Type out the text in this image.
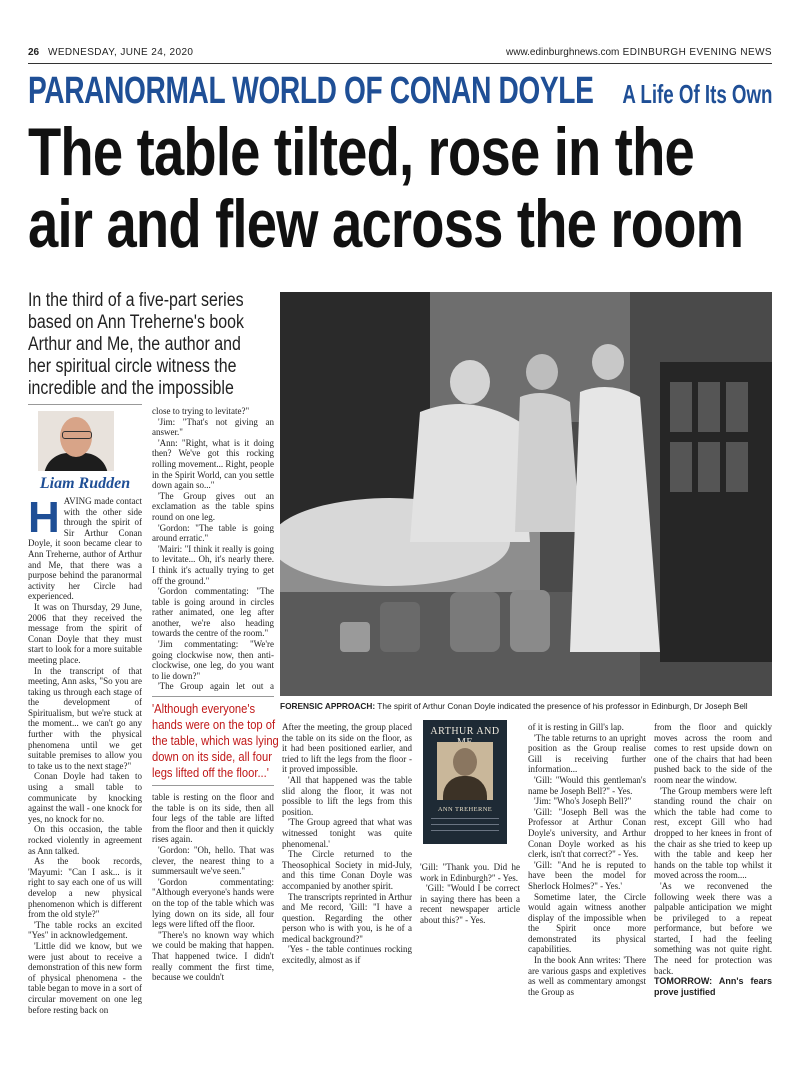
26 WEDNESDAY, JUNE 24, 2020	www.edinburghnews.com EDINBURGH EVENING NEWS
PARANORMAL WORLD OF CONAN DOYLE A Life Of Its Own
The table tilted, rose in the
air and flew across the room
In the third of a five-part series
based on Ann Treherne's book
Arthur and Me, the author and
her spiritual circle witness the
incredible and the impossible
Liam Rudden
H AVING made contact with the other side through the spirit of Sir Arthur Conan Doyle, it soon became clear to Ann Treherne, author of Arthur and Me, that there was a purpose behind the paranormal activity her Circle had experienced.

It was on Thursday, 29 June, 2006 that they received the message from the spirit of Conan Doyle that they must start to look for a more suitable meeting place.

In the transcript of that meeting, Ann asks, "So you are taking us through each stage of the development of Spiritualism, but we're stuck at the moment... we can't go any further with the physical phenomena until we get suitable premises to allow you to take us to the next stage?"

Conan Doyle had taken to using a small table to communicate by knocking against the wall - one knock for yes, no knock for no.

On this occasion, the table rocked violently in agreement as Ann talked.

As the book records, 'Mayumi: "Can I ask... is it right to say each one of us will develop a new physical phenomenon which is different from the old style?"

'The table rocks an excited "Yes" in acknowledgement.

'Little did we know, but we were just about to receive a demonstration of this new form of physical phenomena - the table began to move in a sort of circular movement on one leg before resting back on

close to trying to levitate?"

'Jim: "That's not giving an answer."

'Ann: "Right, what is it doing then? We've got this rocking rolling movement... Right, people in the Spirit World, can you settle down again so..."

'The Group gives out an exclamation as the table spins round on one leg.

'Gordon: "The table is going around erratic."

'Mairi: "I think it really is going to levitate... Oh, it's nearly there. I think it's actually trying to get off the ground."

'Gordon commentating: "The table is going around in circles rather animated, one leg after another, we're also heading towards the centre of the room."

'Jim commentating: "We're going clockwise now, then anti-clockwise, one leg, do you want to lie down?"

'The Group again let out a

'Although everyone's
hands were on the top of
the table, which was lying
down on its side, all four
legs lifted off the floor...'

table is resting on the floor and the table is on its side, then all four legs of the table are lifted from the floor and then it quickly rises again.

'Gordon: "Oh, hello. That was clever, the nearest thing to a summersault we've seen."

'Gordon commentating: "Although everyone's hands were on the top of the table which was lying down on its side, all four legs were lifted off the floor.

"There's no known way which we could be making that happen. That happened twice. I didn't really comment the first time, because we couldn't

FORENSIC APPROACH: The spirit of Arthur Conan Doyle indicated the presence of his professor in Edinburgh, Dr Joseph Bell

After the meeting, the group placed the table on its side on the floor, as it had been positioned earlier, and tried to lift the legs from the floor - it proved impossible.

'All that happened was the table slid along the floor, it was not possible to lift the legs from this position.

'The Group agreed that what was witnessed tonight was quite phenomenal.'

The Circle returned to the Theosophical Society in mid-July, and this time Conan Doyle was accompanied by another spirit.

The transcripts reprinted in Arthur and Me record, 'Gill: "I have a question. Regarding the other person who is with you, is he of a medical background?"

'Yes - the table continues rocking excitedly, almost as if

ARTHUR AND
ANN TREHERNE

'Gill: "Thank you. Did he work in Edinburgh?" - Yes.

'Gill: "Would I be correct in saying there has been a recent newspaper article about this?" - Yes.

of it is resting in Gill's lap.

'The table returns to an upright position as the Group realise Gill is receiving further information...

'Gill: "Would this gentleman's name be Joseph Bell?" - Yes.

'Jim: "Who's Joseph Bell?"

'Gill: "Joseph Bell was the Professor at Arthur Conan Doyle's university, and Arthur Conan Doyle worked as his clerk, isn't that correct?" - Yes.

'Gill: "And he is reputed to have been the model for Sherlock Holmes?" - Yes.'

Sometime later, the Circle would again witness another display of the impossible when the Spirit once more demonstrated its physical capabilities.

In the book Ann writes: 'There are various gasps and expletives as well as commentary amongst the Group as

from the floor and quickly moves across the room and comes to rest upside down on one of the chairs that had been pushed back to the side of the room near the window.

'The Group members were left standing round the chair on which the table had come to rest, except Gill who had dropped to her knees in front of the chair as she tried to keep up with the table and keep her hands on the table top whilst it moved across the room....

'As we reconvened the following week there was a palpable anticipation we might be privileged to a repeat performance, but before we started, I had the feeling something was not quite right. The need for protection was back.

TOMORROW: Ann's fears prove justified
